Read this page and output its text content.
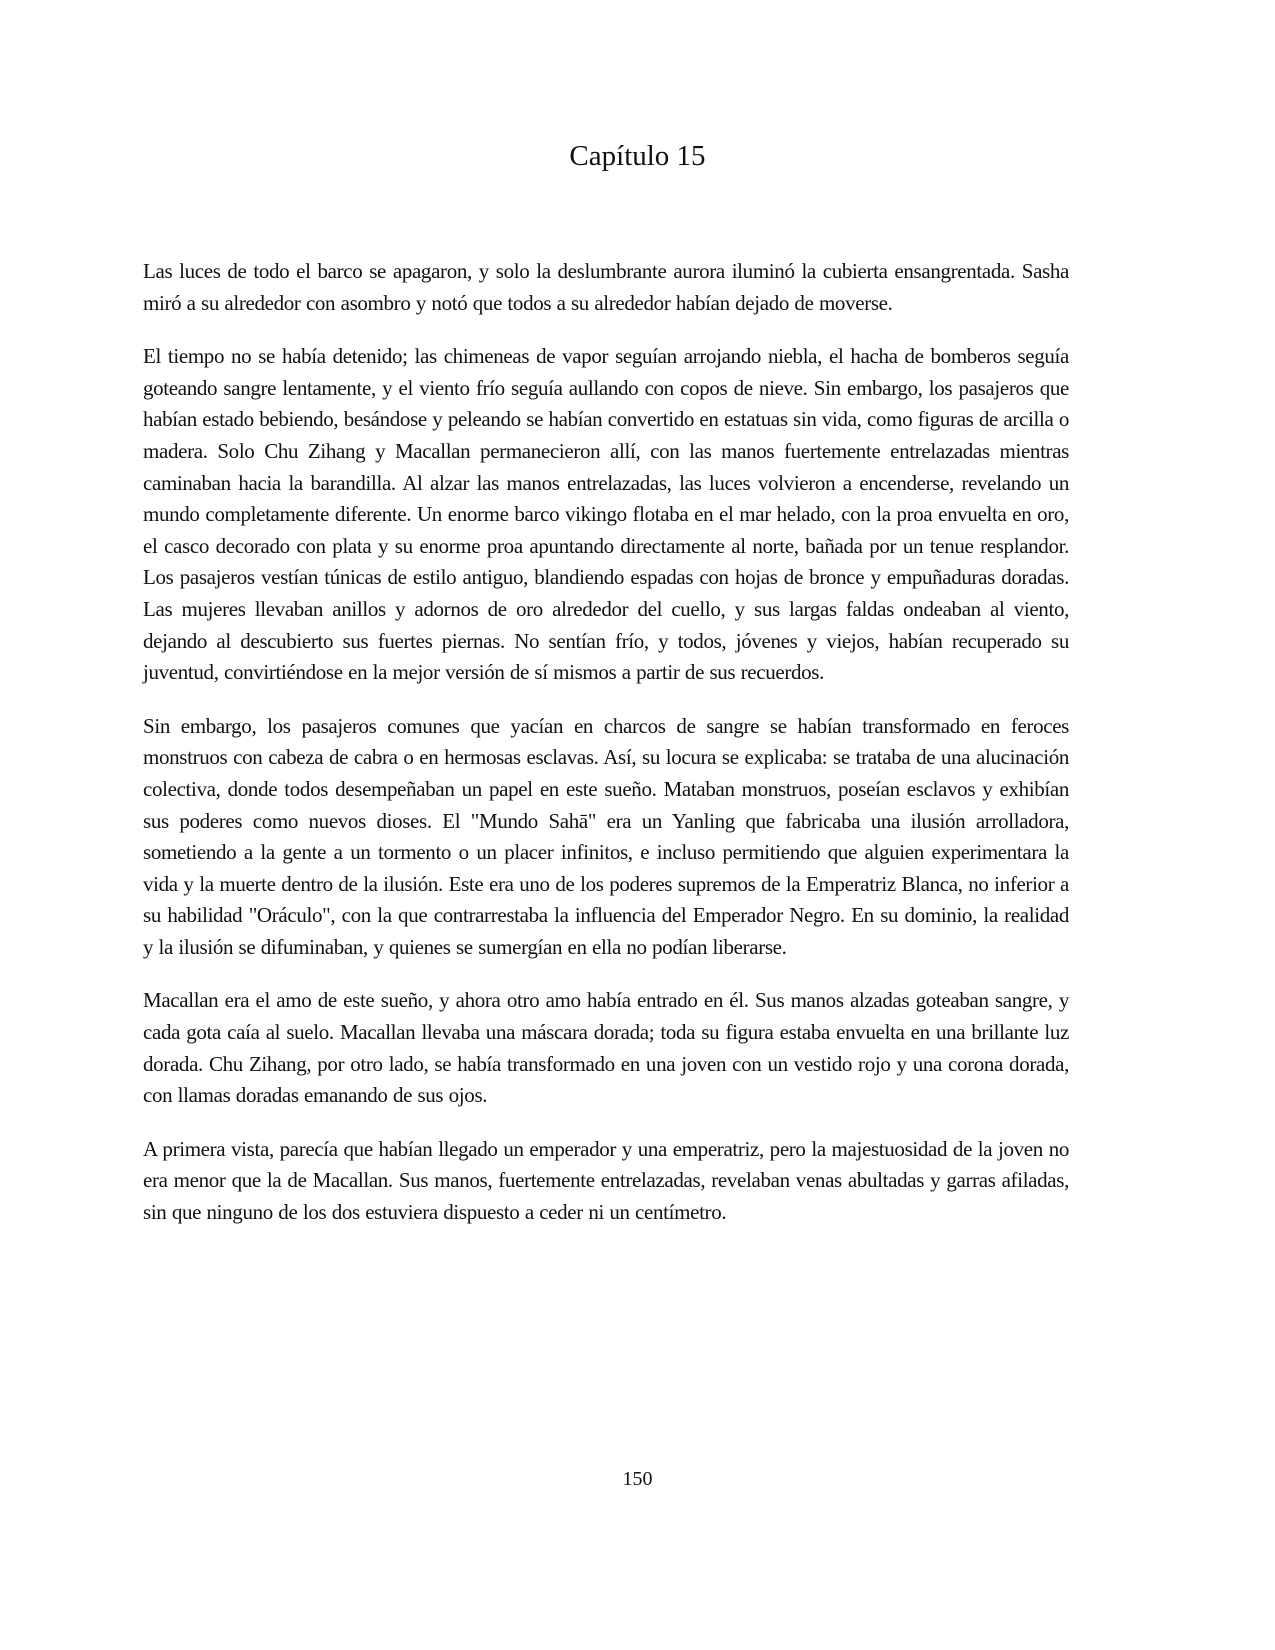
Capítulo 15

Las luces de todo el barco se apagaron, y solo la deslumbrante aurora iluminó la cubierta ensangrentada. Sasha miró a su alrededor con asombro y notó que todos a su alrededor habían dejado de moverse.

El tiempo no se había detenido; las chimeneas de vapor seguían arrojando niebla, el hacha de bomberos seguía goteando sangre lentamente, y el viento frío seguía aullando con copos de nieve. Sin embargo, los pasajeros que habían estado bebiendo, besándose y peleando se habían convertido en estatuas sin vida, como figuras de arcilla o madera. Solo Chu Zihang y Macallan permanecieron allí, con las manos fuertemente entrelazadas mientras caminaban hacia la barandilla. Al alzar las manos entrelazadas, las luces volvieron a encenderse, revelando un mundo completamente diferente. Un enorme barco vikingo flotaba en el mar helado, con la proa envuelta en oro, el casco decorado con plata y su enorme proa apuntando directamente al norte, bañada por un tenue resplandor. Los pasajeros vestían túnicas de estilo antiguo, blandiendo espadas con hojas de bronce y empuñaduras doradas. Las mujeres llevaban anillos y adornos de oro alrededor del cuello, y sus largas faldas ondeaban al viento, dejando al descubierto sus fuertes piernas. No sentían frío, y todos, jóvenes y viejos, habían recuperado su juventud, convirtiéndose en la mejor versión de sí mismos a partir de sus recuerdos.

Sin embargo, los pasajeros comunes que yacían en charcos de sangre se habían transformado en feroces monstruos con cabeza de cabra o en hermosas esclavas. Así, su locura se explicaba: se trataba de una alucinación colectiva, donde todos desempeñaban un papel en este sueño. Mataban monstruos, poseían esclavos y exhibían sus poderes como nuevos dioses. El "Mundo Sahā" era un Yanling que fabricaba una ilusión arrolladora, sometiendo a la gente a un tormento o un placer infinitos, e incluso permitiendo que alguien experimentara la vida y la muerte dentro de la ilusión. Este era uno de los poderes supremos de la Emperatriz Blanca, no inferior a su habilidad "Oráculo", con la que contrarrestaba la influencia del Emperador Negro. En su dominio, la realidad y la ilusión se difuminaban, y quienes se sumergían en ella no podían liberarse.

Macallan era el amo de este sueño, y ahora otro amo había entrado en él. Sus manos alzadas goteaban sangre, y cada gota caía al suelo. Macallan llevaba una máscara dorada; toda su figura estaba envuelta en una brillante luz dorada. Chu Zihang, por otro lado, se había transformado en una joven con un vestido rojo y una corona dorada, con llamas doradas emanando de sus ojos.

A primera vista, parecía que habían llegado un emperador y una emperatriz, pero la majestuosidad de la joven no era menor que la de Macallan. Sus manos, fuertemente entrelazadas, revelaban venas abultadas y garras afiladas, sin que ninguno de los dos estuviera dispuesto a ceder ni un centímetro.

150
